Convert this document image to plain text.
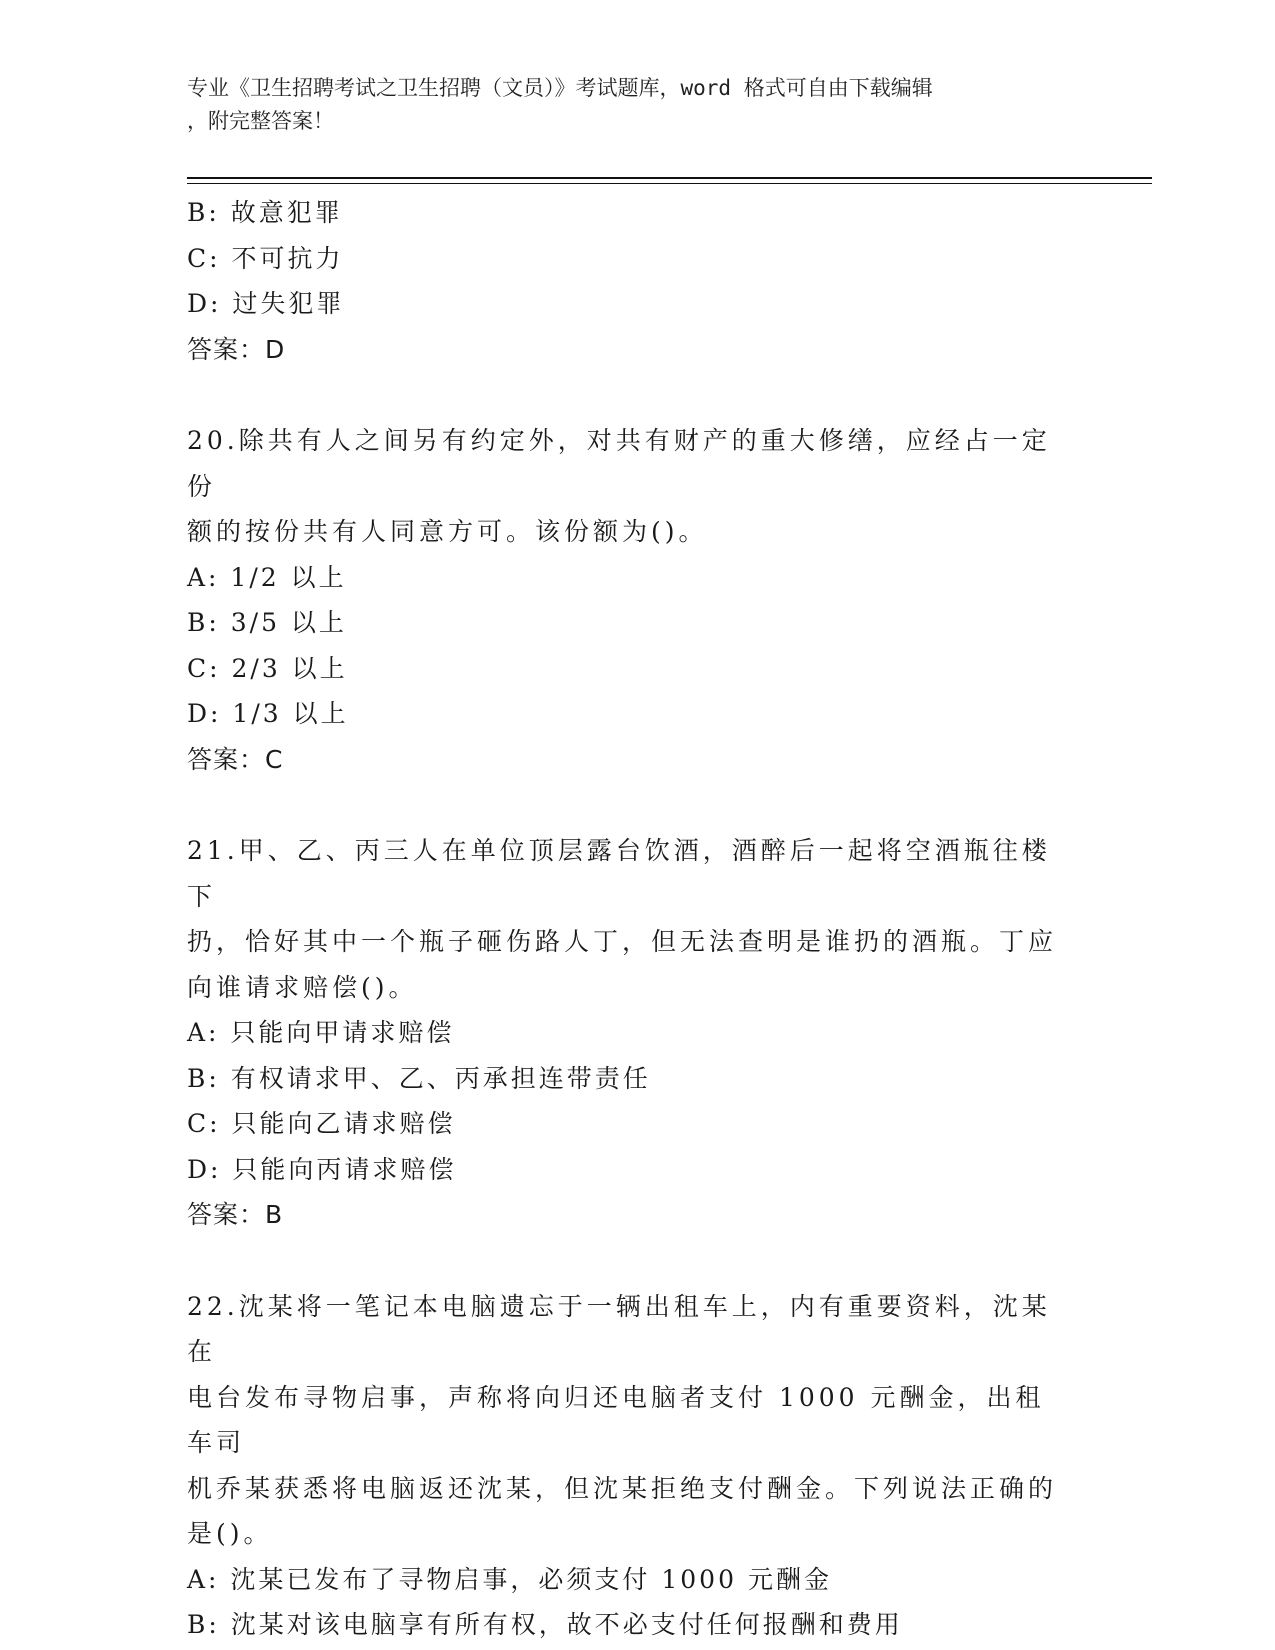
专业《卫生招聘考试之卫生招聘（文员）》考试题库，word 格式可自由下载编辑
，附完整答案！

B: 故意犯罪

C: 不可抗力

D: 过失犯罪

答案：D

20.除共有人之间另有约定外，对共有财产的重大修缮，应经占一定份

额的按份共有人同意方可。该份额为()。

A: 1/2 以上

B: 3/5 以上

C: 2/3 以上

D: 1/3 以上

答案：C

21.甲、乙、丙三人在单位顶层露台饮酒，酒醉后一起将空酒瓶往楼下

扔，恰好其中一个瓶子砸伤路人丁，但无法查明是谁扔的酒瓶。丁应

向谁请求赔偿()。

A: 只能向甲请求赔偿

B: 有权请求甲、乙、丙承担连带责任

C: 只能向乙请求赔偿

D: 只能向丙请求赔偿

答案：B

22.沈某将一笔记本电脑遗忘于一辆出租车上，内有重要资料，沈某在

电台发布寻物启事，声称将向归还电脑者支付 1000 元酬金，出租车司

机乔某获悉将电脑返还沈某，但沈某拒绝支付酬金。下列说法正确的

是()。

A: 沈某已发布了寻物启事，必须支付 1000 元酬金

B: 沈某对该电脑享有所有权，故不必支付任何报酬和费用
